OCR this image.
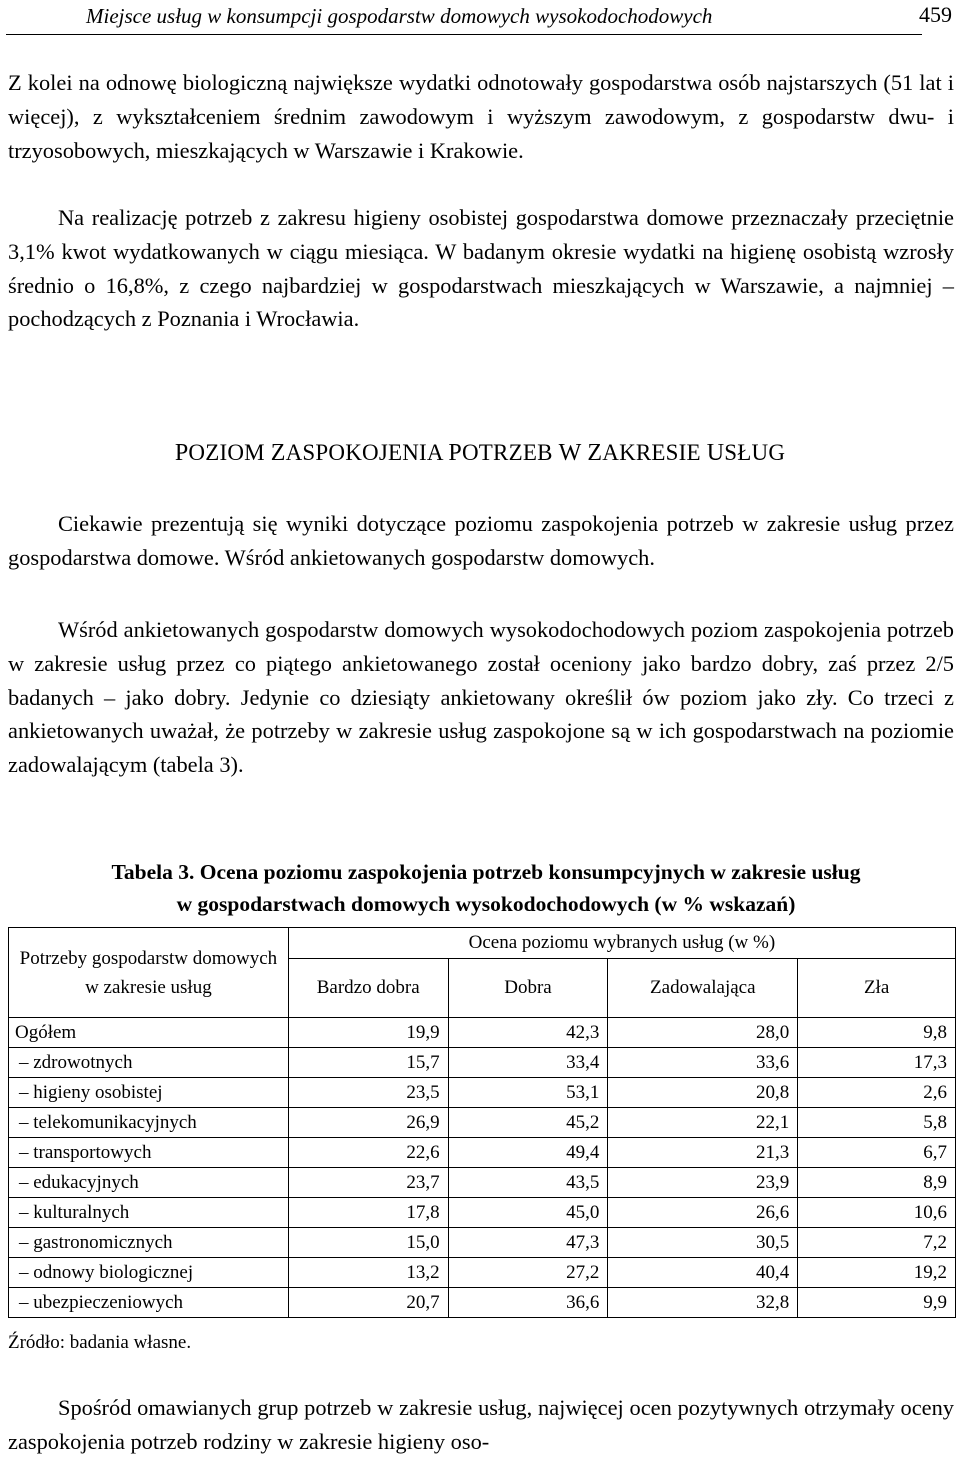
Miejsce usług w konsumpcji gospodarstw domowych wysokodochodowych	459

Z kolei na odnowę biologiczną największe wydatki odnotowały gospodarstwa osób najstarszych (51 lat i więcej), z wykształceniem średnim zawodowym i wyższym zawodowym, z gospodarstw dwu- i trzyosobowych, mieszkających w Warszawie i Krakowie.

Na realizację potrzeb z zakresu higieny osobistej gospodarstwa domowe przeznaczały przeciętnie 3,1% kwot wydatkowanych w ciągu miesiąca. W badanym okresie wydatki na higienę osobistą wzrosły średnio o 16,8%, z czego najbardziej w gospodarstwach mieszkających w Warszawie, a najmniej – pochodzących z Poznania i Wrocławia.

POZIOM ZASPOKOJENIA POTRZEB W ZAKRESIE USŁUG

Ciekawie prezentują się wyniki dotyczące poziomu zaspokojenia potrzeb w zakresie usług przez gospodarstwa domowe. Wśród ankietowanych gospodarstw domowych.

Wśród ankietowanych gospodarstw domowych wysokodochodowych poziom zaspokojenia potrzeb w zakresie usług przez co piątego ankietowanego został oceniony jako bardzo dobry, zaś przez 2/5 badanych – jako dobry. Jedynie co dziesiąty ankietowany określił ów poziom jako zły. Co trzeci z ankietowanych uważał, że potrzeby w zakresie usług zaspokojone są w ich gospodarstwach na poziomie zadowalającym (tabela 3).

Tabela 3. Ocena poziomu zaspokojenia potrzeb konsumpcyjnych w zakresie usług
w gospodarstwach domowych wysokodochodowych (w % wskazań)
Potrzeby gospodarstw domowych w zakresie usług	Ocena poziomu wybranych usług (w %)			
	Bardzo dobra	Dobra	Zadowalająca	Zła
Ogółem	19,9	42,3	28,0	9,8
– zdrowotnych	15,7	33,4	33,6	17,3
– higieny osobistej	23,5	53,1	20,8	2,6
– telekomunikacyjnych	26,9	45,2	22,1	5,8
– transportowych	22,6	49,4	21,3	6,7
– edukacyjnych	23,7	43,5	23,9	8,9
– kulturalnych	17,8	45,0	26,6	10,6
– gastronomicznych	15,0	47,3	30,5	7,2
– odnowy biologicznej	13,2	27,2	40,4	19,2
– ubezpieczeniowych	20,7	36,6	32,8	9,9
Źródło: badania własne.

Spośród omawianych grup potrzeb w zakresie usług, najwięcej ocen pozytywnych otrzymały oceny zaspokojenia potrzeb rodziny w zakresie higieny oso-
